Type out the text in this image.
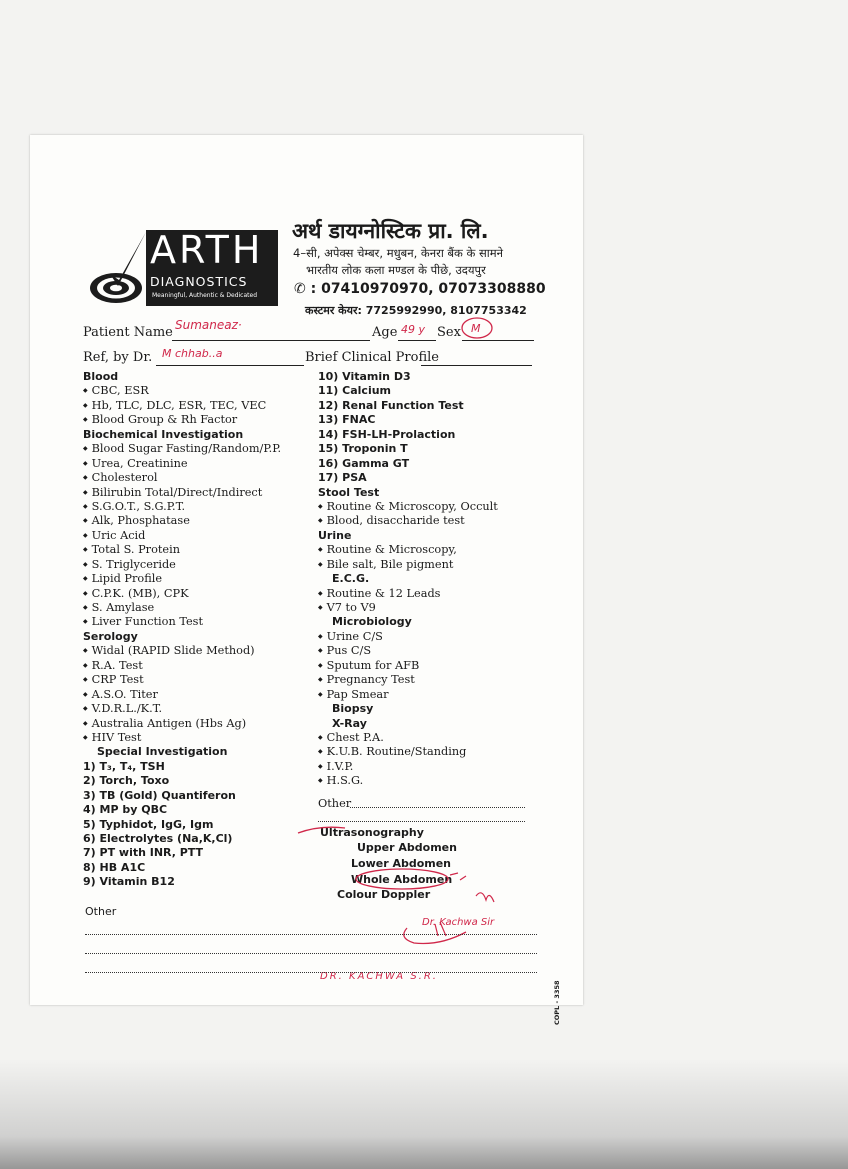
ARTH
DIAGNOSTICS
Meaningful, Authentic & Dedicated
अर्थ डायग्नोस्टिक प्रा. लि.
4–सी, अपेक्स चेम्बर, मधुबन, केनरा बैंक के सामने
भारतीय लोक कला मण्डल के पीछे, उदयपुर
✆ : 07410970970, 07073308880
कस्टमर केयर: 7725992990, 8107753342
Patient Name Sumaneaz·	Age 49 y Sex M
Ref, by Dr. M chhab..a	Brief Clinical Profile
Blood
◆ CBC, ESR
◆ Hb, TLC, DLC, ESR, TEC, VEC
◆ Blood Group & Rh Factor
Biochemical Investigation
◆ Blood Sugar Fasting/Random/P.P.
◆ Urea, Creatinine
◆ Cholesterol
◆ Bilirubin Total/Direct/Indirect
◆ S.G.O.T., S.G.P.T.
◆ Alk, Phosphatase
◆ Uric Acid
◆ Total S. Protein
◆ S. Triglyceride
◆ Lipid Profile
◆ C.P.K. (MB), CPK
◆ S. Amylase
◆ Liver Function Test
Serology
◆ Widal (RAPID Slide Method)
◆ R.A. Test
◆ CRP Test
◆ A.S.O. Titer
◆ V.D.R.L./K.T.
◆ Australia Antigen (Hbs Ag)
◆ HIV Test
Special Investigation
1) T₃, T₄, TSH
2) Torch, Toxo
3) TB (Gold) Quantiferon
4) MP by QBC
5) Typhidot, IgG, Igm
6) Electrolytes (Na,K,Cl)
7) PT with INR, PTT
8) HB A1C
9) Vitamin B12
10) Vitamin D3
11) Calcium
12) Renal Function Test
13) FNAC
14) FSH-LH-Prolaction
15) Troponin T
16) Gamma GT
17) PSA
Stool Test
◆ Routine & Microscopy, Occult
◆ Blood, disaccharide test
Urine
◆ Routine & Microscopy,
◆ Bile salt, Bile pigment
E.C.G.
◆ Routine & 12 Leads
◆ V7 to V9
Microbiology
◆ Urine C/S
◆ Pus C/S
◆ Sputum for AFB
◆ Pregnancy Test
◆ Pap Smear
Biopsy
X-Ray
◆ Chest P.A.
◆ K.U.B. Routine/Standing
◆ I.V.P.
◆ H.S.G.
Other
Ultrasonography
Upper Abdomen
Lower Abdomen
Whole Abdomen
Colour Doppler
Dr. Kachwa Sir
DR. KACHWA S.R.
Other
COPL - 3358
